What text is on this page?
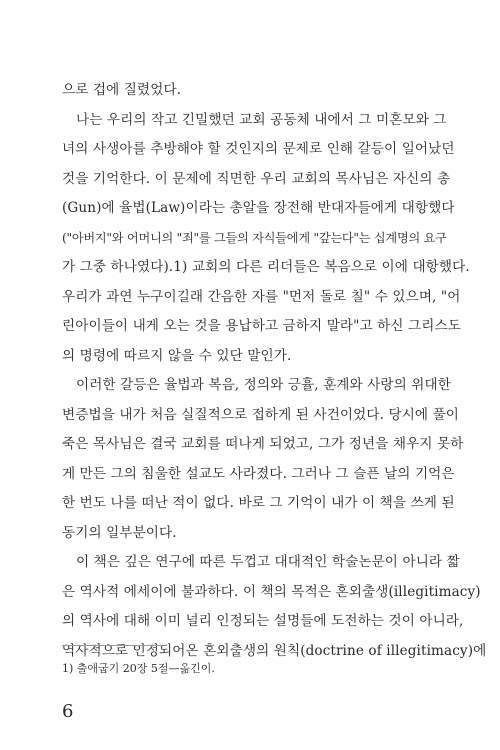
으로 겁에 질렸었다.
나는 우리의 작고 긴밀했던 교회 공동체 내에서 그 미혼모와 그
녀의 사생아를 추방해야 할 것인지의 문제로 인해 갈등이 일어났던
것을 기억한다. 이 문제에 직면한 우리 교회의 목사님은 자신의 총
(Gun)에 율법(Law)이라는 총알을 장전해 반대자들에게 대항했다
("아버지"와 어머니의 "죄"를 그들의 자식들에게 "갚는다"는 십계명의 요구
가 그중 하나였다).1) 교회의 다른 리더들은 복음으로 이에 대항했다.
우리가 과연 누구이길래 간음한 자를 "먼저 돌로 칠" 수 있으며, "어
린아이들이 내게 오는 것을 용납하고 금하지 말라"고 하신 그리스도
의 명령에 따르지 않을 수 있단 말인가.
이러한 갈등은 율법과 복음, 정의와 긍휼, 훈계와 사랑의 위대한
변증법을 내가 처음 실질적으로 접하게 된 사건이었다. 당시에 풀이
죽은 목사님은 결국 교회를 떠나게 되었고, 그가 정년을 채우지 못하
게 만든 그의 침울한 설교도 사라졌다. 그러나 그 슬픈 날의 기억은
한 번도 나를 떠난 적이 없다. 바로 그 기억이 내가 이 책을 쓰게 된
동기의 일부분이다.
이 책은 깊은 연구에 따른 두껍고 대대적인 학술논문이 아니라 짧
은 역사적 에세이에 불과하다. 이 책의 목적은 혼외출생(illegitimacy)
의 역사에 대해 이미 널리 인정되는 설명들에 도전하는 것이 아니라,
역사적으로 인정되어온 혼외출생의 원칙(doctrine of illegitimacy)에
1) 출애굽기 20장 5절—옮긴이.
6
